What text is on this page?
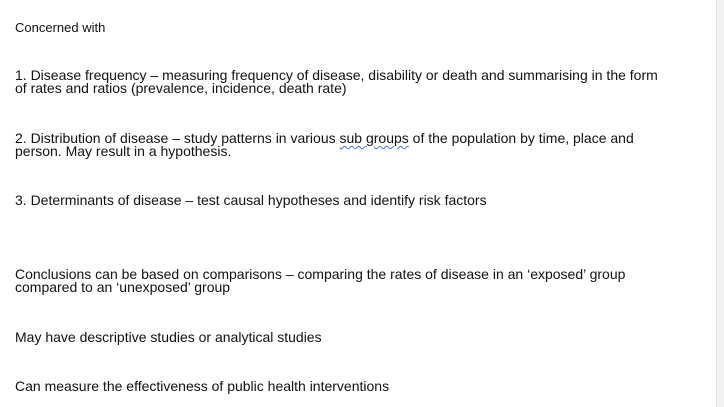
Concerned with

1. Disease frequency – measuring frequency of disease, disability or death and summarising in the form
of rates and ratios (prevalence, incidence, death rate)
2. Distribution of disease – study patterns in various sub groups of the population by time, place and
person. May result in a hypothesis.

3. Determinants of disease – test causal hypotheses and identify risk factors

Conclusions can be based on comparisons – comparing the rates of disease in an ‘exposed’ group
compared to an ‘unexposed’ group

May have descriptive studies or analytical studies

Can measure the effectiveness of public health interventions
